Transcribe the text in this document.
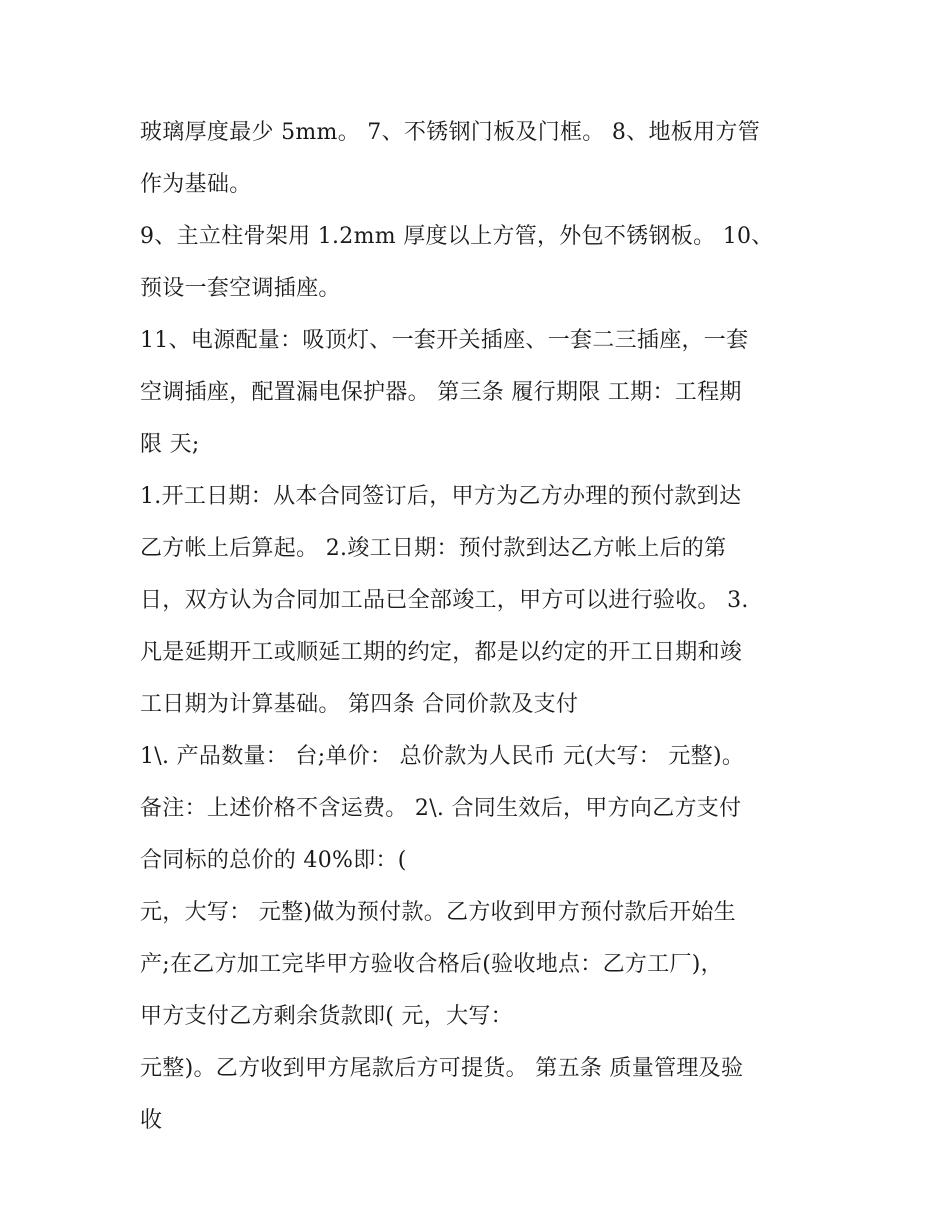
玻璃厚度最少 5mm。 7、不锈钢门板及门框。 8、地板用方管
作为基础。
9、主立柱骨架用 1.2mm 厚度以上方管，外包不锈钢板。 10、
预设一套空调插座。
11、电源配量：吸顶灯、一套开关插座、一套二三插座，一套
空调插座，配置漏电保护器。 第三条 履行期限 工期：工程期
限 天;
1.开工日期：从本合同签订后，甲方为乙方办理的预付款到达
乙方帐上后算起。 2.竣工日期：预付款到达乙方帐上后的第
日，双方认为合同加工品已全部竣工，甲方可以进行验收。 3.
凡是延期开工或顺延工期的约定，都是以约定的开工日期和竣
工日期为计算基础。 第四条 合同价款及支付
1\. 产品数量： 台;单价： 总价款为人民币 元(大写： 元整)。
备注：上述价格不含运费。 2\. 合同生效后，甲方向乙方支付
合同标的总价的 40%即：(
元，大写： 元整)做为预付款。乙方收到甲方预付款后开始生
产;在乙方加工完毕甲方验收合格后(验收地点：乙方工厂)，
甲方支付乙方剩余货款即( 元，大写：
元整)。乙方收到甲方尾款后方可提货。 第五条 质量管理及验
收
